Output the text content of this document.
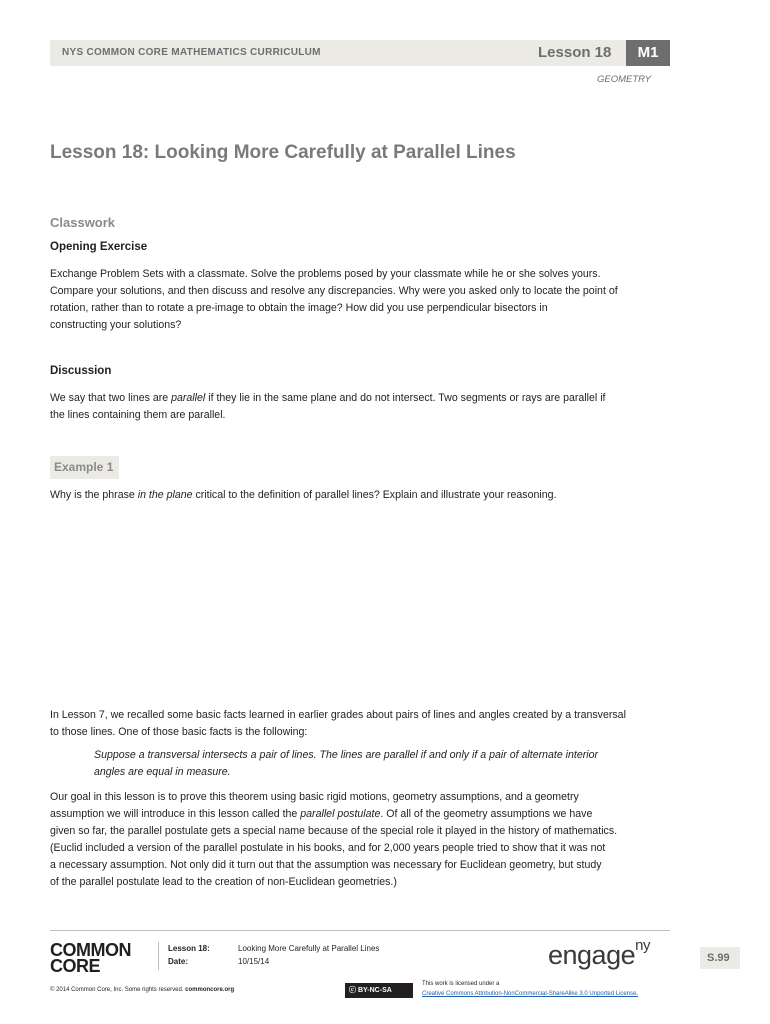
NYS COMMON CORE MATHEMATICS CURRICULUM	Lesson 18	M1
GEOMETRY
Lesson 18: Looking More Carefully at Parallel Lines
Classwork
Opening Exercise
Exchange Problem Sets with a classmate. Solve the problems posed by your classmate while he or she solves yours.
Compare your solutions, and then discuss and resolve any discrepancies. Why were you asked only to locate the point of
rotation, rather than to rotate a pre-image to obtain the image? How did you use perpendicular bisectors in
constructing your solutions?
Discussion
We say that two lines are parallel if they lie in the same plane and do not intersect. Two segments or rays are parallel if
the lines containing them are parallel.
Example 1
Why is the phrase in the plane critical to the definition of parallel lines? Explain and illustrate your reasoning.
In Lesson 7, we recalled some basic facts learned in earlier grades about pairs of lines and angles created by a transversal
to those lines. One of those basic facts is the following:
Suppose a transversal intersects a pair of lines. The lines are parallel if and only if a pair of alternate interior
angles are equal in measure.
Our goal in this lesson is to prove this theorem using basic rigid motions, geometry assumptions, and a geometry
assumption we will introduce in this lesson called the parallel postulate. Of all of the geometry assumptions we have
given so far, the parallel postulate gets a special name because of the special role it played in the history of mathematics.
(Euclid included a version of the parallel postulate in his books, and for 2,000 years people tried to show that it was not
a necessary assumption. Not only did it turn out that the assumption was necessary for Euclidean geometry, but study
of the parallel postulate lead to the creation of non-Euclidean geometries.)
COMMON
CORE
Lesson 18:	Looking More Carefully at Parallel Lines
Date:	10/15/14	engage$^{ny}$
S.99
© 2014 Common Core, Inc. Some rights reserved. commoncore.org	ⓒ BY-NC-SA
This work is licensed under a
Creative Commons Attribution-NonCommercial-ShareAlike 3.0 Unported License.
